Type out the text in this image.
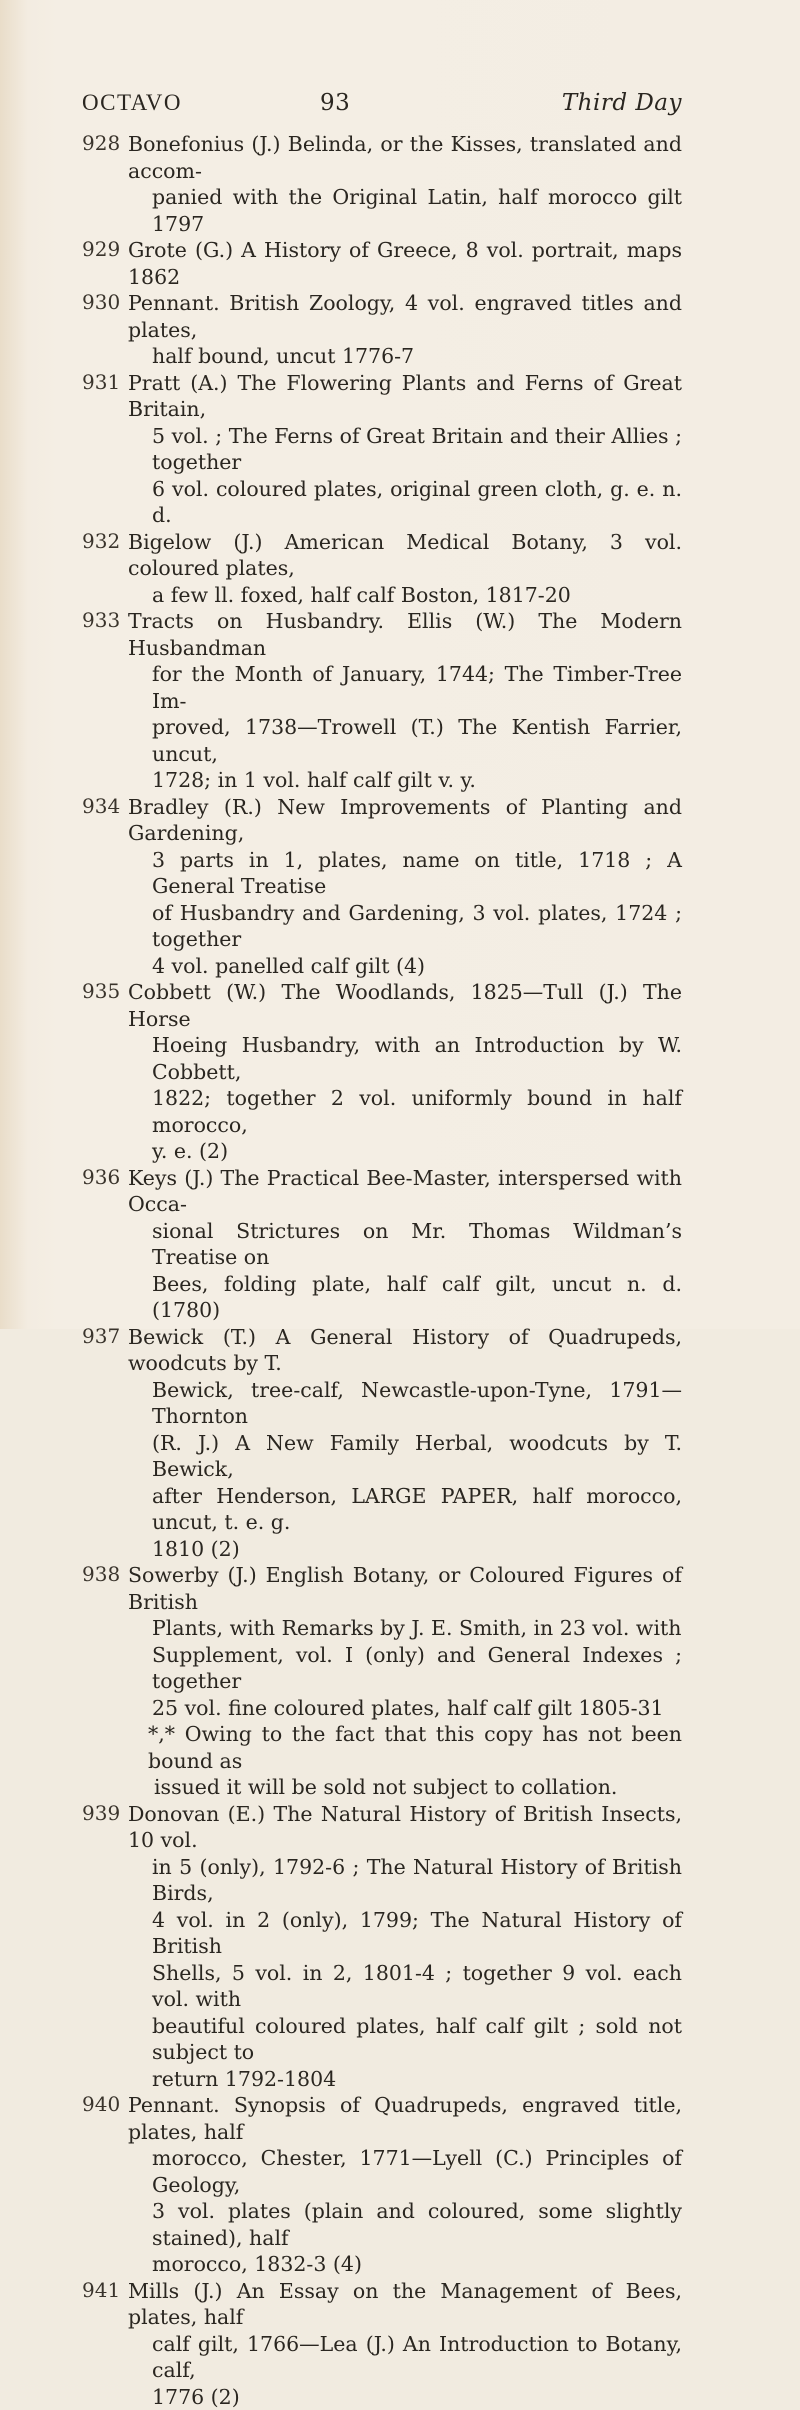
OCTAVO	93	Third Day
928 Bonefonius (J.) Belinda, or the Kisses, translated and accom-
panied with the Original Latin, half morocco gilt 1797
929 Grote (G.) A History of Greece, 8 vol. portrait, maps 1862
930 Pennant. British Zoology, 4 vol. engraved titles and plates,
half bound, uncut 1776-7
931 Pratt (A.) The Flowering Plants and Ferns of Great Britain,
5 vol. ; The Ferns of Great Britain and their Allies ; together
6 vol. coloured plates, original green cloth, g. e. n. d.
932 Bigelow (J.) American Medical Botany, 3 vol. coloured plates,
a few ll. foxed, half calf Boston, 1817-20
933 Tracts on Husbandry. Ellis (W.) The Modern Husbandman
for the Month of January, 1744; The Timber-Tree Im-
proved, 1738—Trowell (T.) The Kentish Farrier, uncut,
1728; in 1 vol. half calf gilt v. y.
934 Bradley (R.) New Improvements of Planting and Gardening,
3 parts in 1, plates, name on title, 1718 ; A General Treatise
of Husbandry and Gardening, 3 vol. plates, 1724 ; together
4 vol. panelled calf gilt (4)
935 Cobbett (W.) The Woodlands, 1825—Tull (J.) The Horse
Hoeing Husbandry, with an Introduction by W. Cobbett,
1822; together 2 vol. uniformly bound in half morocco,
y. e. (2)
936 Keys (J.) The Practical Bee-Master, interspersed with Occa-
sional Strictures on Mr. Thomas Wildman’s Treatise on
Bees, folding plate, half calf gilt, uncut n. d. (1780)
937 Bewick (T.) A General History of Quadrupeds, woodcuts by T.
Bewick, tree-calf, Newcastle-upon-Tyne, 1791—Thornton
(R. J.) A New Family Herbal, woodcuts by T. Bewick,
after Henderson, LARGE PAPER, half morocco, uncut, t. e. g.
1810 (2)
938 Sowerby (J.) English Botany, or Coloured Figures of British
Plants, with Remarks by J. E. Smith, in 23 vol. with
Supplement, vol. I (only) and General Indexes ; together
25 vol. fine coloured plates, half calf gilt 1805-31
*,* Owing to the fact that this copy has not been bound as
issued it will be sold not subject to collation.
939 Donovan (E.) The Natural History of British Insects, 10 vol.
in 5 (only), 1792-6 ; The Natural History of British Birds,
4 vol. in 2 (only), 1799; The Natural History of British
Shells, 5 vol. in 2, 1801-4 ; together 9 vol. each vol. with
beautiful coloured plates, half calf gilt ; sold not subject to
return 1792-1804
940 Pennant. Synopsis of Quadrupeds, engraved title, plates, half
morocco, Chester, 1771—Lyell (C.) Principles of Geology,
3 vol. plates (plain and coloured, some slightly stained), half
morocco, 1832-3 (4)
941 Mills (J.) An Essay on the Management of Bees, plates, half
calf gilt, 1766—Lea (J.) An Introduction to Botany, calf,
1776 (2)
